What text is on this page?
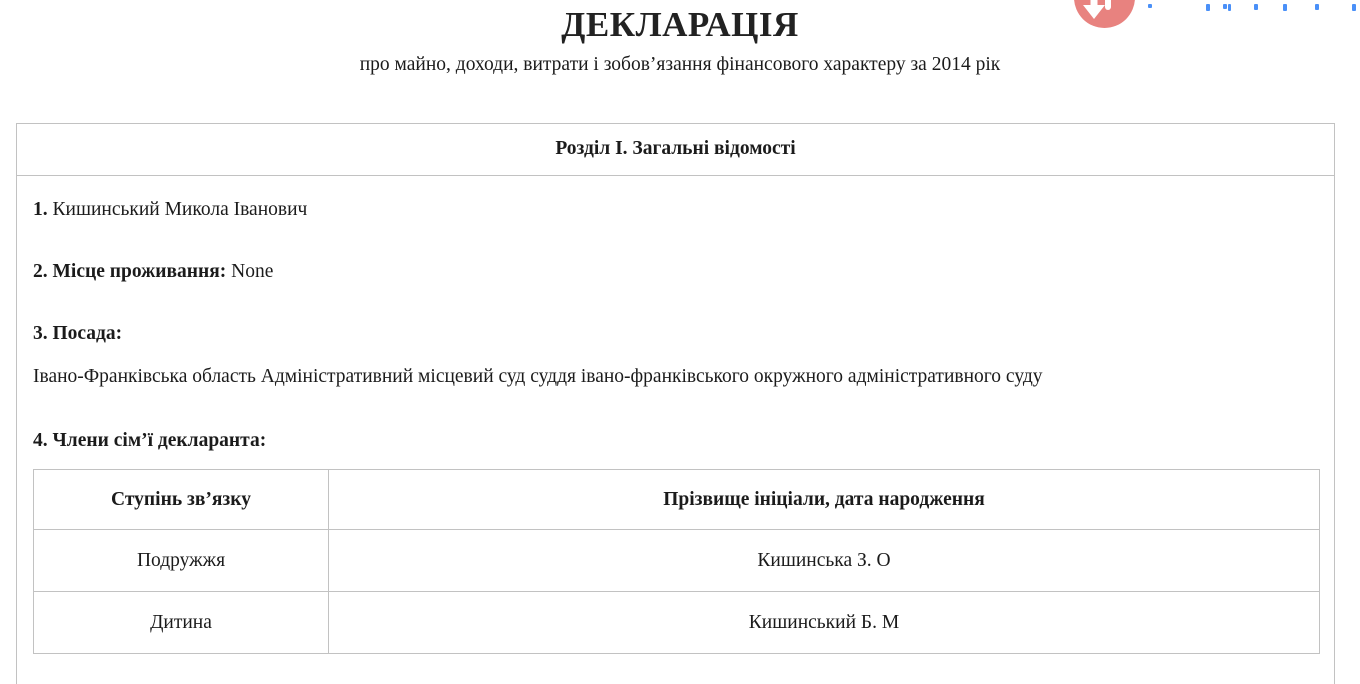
ДЕКЛАРАЦІЯ

про майно, доходи, витрати і зобов’язання фінансового характеру за 2014 рік

Розділ I. Загальні відомості

1. Кишинський Микола Іванович

2. Місце проживання: None

3. Посада:

Івано-Франківська область Адміністративний місцевий суд суддя івано-франківського окружного адміністративного суду

4. Члени сім’ї декларанта:

Ступінь зв’язку	Прізвище ініціали, дата народження
Подружжя	Кишинська З. О
Дитина	Кишинський Б. М
